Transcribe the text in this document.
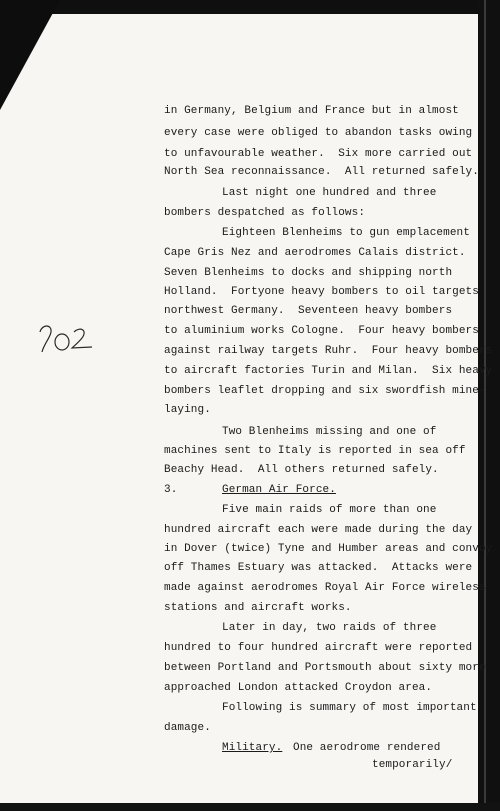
in Germany, Belgium and France but in almost
every case were obliged to abandon tasks owing
to unfavourable weather.  Six more carried out
North Sea reconnaissance.  All returned safely.
Last night one hundred and three
bombers despatched as follows:
Eighteen Blenheims to gun emplacement
Cape Gris Nez and aerodromes Calais district.
Seven Blenheims to docks and shipping north
Holland.  Fortyone heavy bombers to oil targets
northwest Germany.  Seventeen heavy bombers
to aluminium works Cologne.  Four heavy bombers
against railway targets Ruhr.  Four heavy bombers
to aircraft factories Turin and Milan.  Six heavy
bombers leaflet dropping and six swordfish mine-
laying.
Two Blenheims missing and one of
machines sent to Italy is reported in sea off
Beachy Head.  All others returned safely.
3.	German Air Force.
Five main raids of more than one
hundred aircraft each were made during the day
in Dover (twice) Tyne and Humber areas and convoy
off Thames Estuary was attacked.  Attacks were
made against aerodromes Royal Air Force wireless
stations and aircraft works.
Later in day, two raids of three
hundred to four hundred aircraft were reported
between Portland and Portsmouth about sixty more
approached London attacked Croydon area.
Following is summary of most important
damage.
Military. One aerodrome rendered
temporarily/
